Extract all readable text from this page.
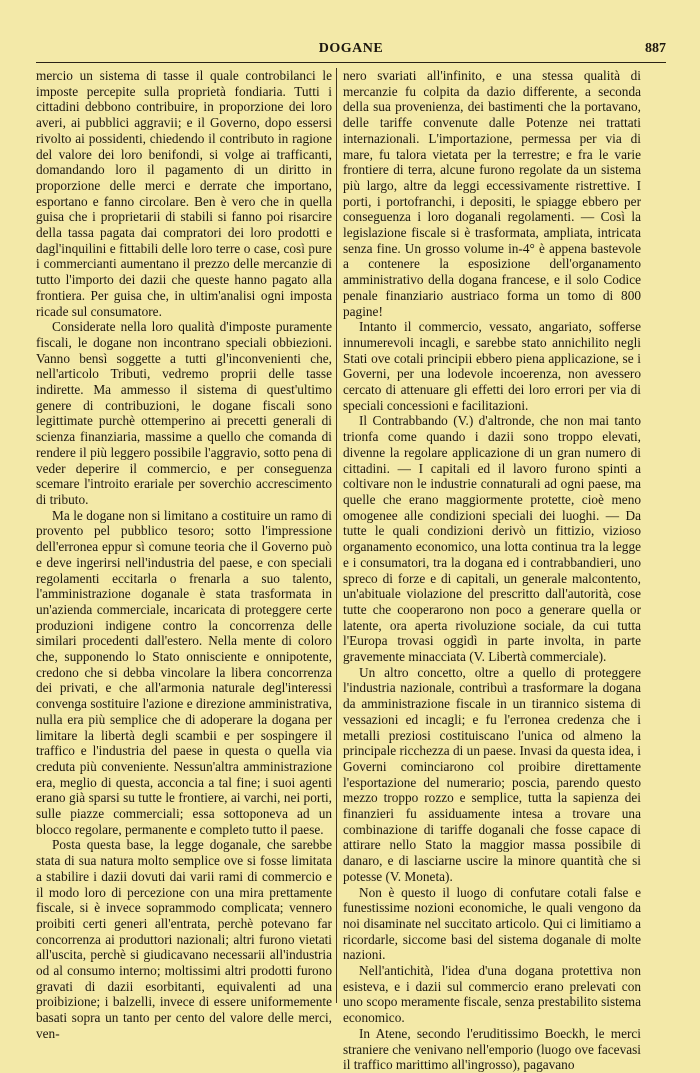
DOGANE	887

mercio un sistema di tasse il quale controbilanci le imposte percepite sulla proprietà fondiaria. Tutti i cittadini debbono contribuire, in proporzione dei loro averi, ai pubblici aggravii; e il Governo, dopo essersi rivolto ai possidenti, chiedendo il contributo in ragione del valore dei loro benifondi, si volge ai trafficanti, domandando loro il pagamento di un diritto in proporzione delle merci e derrate che importano, esportano e fanno circolare. Ben è vero che in quella guisa che i proprietarii di stabili si fanno poi risarcire della tassa pagata dai compratori dei loro prodotti e dagl'inquilini e fittabili delle loro terre o case, così pure i commercianti aumentano il prezzo delle mercanzie di tutto l'importo dei dazii che queste hanno pagato alla frontiera. Per guisa che, in ultim'analisi ogni imposta ricade sul consumatore.

Considerate nella loro qualità d'imposte puramente fiscali, le dogane non incontrano speciali obbiezioni. Vanno bensì soggette a tutti gl'inconvenienti che, nell'articolo Tributi, vedremo proprii delle tasse indirette. Ma ammesso il sistema di quest'ultimo genere di contribuzioni, le dogane fiscali sono legittimate purchè ottemperino ai precetti generali di scienza finanziaria, massime a quello che comanda di rendere il più leggero possibile l'aggravio, sotto pena di veder deperire il commercio, e per conseguenza scemare l'introito erariale per soverchio accrescimento di tributo.

Ma le dogane non si limitano a costituire un ramo di provento pel pubblico tesoro; sotto l'impressione dell'erronea eppur sì comune teoria che il Governo può e deve ingerirsi nell'industria del paese, e con speciali regolamenti eccitarla o frenarla a suo talento, l'amministrazione doganale è stata trasformata in un'azienda commerciale, incaricata di proteggere certe produzioni indigene contro la concorrenza delle similari procedenti dall'estero. Nella mente di coloro che, supponendo lo Stato onnisciente e onnipotente, credono che si debba vincolare la libera concorrenza dei privati, e che all'armonia naturale degl'interessi convenga sostituire l'azione e direzione amministrativa, nulla era più semplice che di adoperare la dogana per limitare la libertà degli scambii e per sospingere il traffico e l'industria del paese in questa o quella via creduta più conveniente. Nessun'altra amministrazione era, meglio di questa, acconcia a tal fine; i suoi agenti erano già sparsi su tutte le frontiere, ai varchi, nei porti, sulle piazze commerciali; essa sottoponeva ad un blocco regolare, permanente e completo tutto il paese.

Posta questa base, la legge doganale, che sarebbe stata di sua natura molto semplice ove si fosse limitata a stabilire i dazii dovuti dai varii rami di commercio e il modo loro di percezione con una mira prettamente fiscale, si è invece soprammodo complicata; vennero proibiti certi generi all'entrata, perchè potevano far concorrenza ai produttori nazionali; altri furono vietati all'uscita, perchè si giudicavano necessarii all'industria od al consumo interno; moltissimi altri prodotti furono gravati di dazii esorbitanti, equivalenti ad una proibizione; i balzelli, invece di essere uniformemente basati sopra un tanto per cento del valore delle merci, ven-

nero svariati all'infinito, e una stessa qualità di mercanzie fu colpita da dazio differente, a seconda della sua provenienza, dei bastimenti che la portavano, delle tariffe convenute dalle Potenze nei trattati internazionali. L'importazione, permessa per via di mare, fu talora vietata per la terrestre; e fra le varie frontiere di terra, alcune furono regolate da un sistema più largo, altre da leggi eccessivamente ristrettive. I porti, i portofranchi, i depositi, le spiagge ebbero per conseguenza i loro doganali regolamenti. — Così la legislazione fiscale si è trasformata, ampliata, intricata senza fine. Un grosso volume in-4° è appena bastevole a contenere la esposizione dell'organamento amministrativo della dogana francese, e il solo Codice penale finanziario austriaco forma un tomo di 800 pagine!

Intanto il commercio, vessato, angariato, sofferse innumerevoli incagli, e sarebbe stato annichilito negli Stati ove cotali principii ebbero piena applicazione, se i Governi, per una lodevole incoerenza, non avessero cercato di attenuare gli effetti dei loro errori per via di speciali concessioni e facilitazioni.

Il Contrabbando (V.) d'altronde, che non mai tanto trionfa come quando i dazii sono troppo elevati, divenne la regolare applicazione di un gran numero di cittadini. — I capitali ed il lavoro furono spinti a coltivare non le industrie connaturali ad ogni paese, ma quelle che erano maggiormente protette, cioè meno omogenee alle condizioni speciali dei luoghi. — Da tutte le quali condizioni derivò un fittizio, vizioso organamento economico, una lotta continua tra la legge e i consumatori, tra la dogana ed i contrabbandieri, uno spreco di forze e di capitali, un generale malcontento, un'abituale violazione del prescritto dall'autorità, cose tutte che cooperarono non poco a generare quella or latente, ora aperta rivoluzione sociale, da cui tutta l'Europa trovasi oggidì in parte involta, in parte gravemente minacciata (V. Libertà commerciale).

Un altro concetto, oltre a quello di proteggere l'industria nazionale, contribuì a trasformare la dogana da amministrazione fiscale in un tirannico sistema di vessazioni ed incagli; e fu l'erronea credenza che i metalli preziosi costituiscano l'unica od almeno la principale ricchezza di un paese. Invasi da questa idea, i Governi cominciarono col proibire direttamente l'esportazione del numerario; poscia, parendo questo mezzo troppo rozzo e semplice, tutta la sapienza dei finanzieri fu assiduamente intesa a trovare una combinazione di tariffe doganali che fosse capace di attirare nello Stato la maggior massa possibile di danaro, e di lasciarne uscire la minore quantità che si potesse (V. Moneta).

Non è questo il luogo di confutare cotali false e funestissime nozioni economiche, le quali vengono da noi disaminate nel succitato articolo. Qui ci limitiamo a ricordarle, siccome basi del sistema doganale di molte nazioni.

Nell'antichità, l'idea d'una dogana protettiva non esisteva, e i dazii sul commercio erano prelevati con uno scopo meramente fiscale, senza prestabilito sistema economico.

In Atene, secondo l'eruditissimo Boeckh, le merci straniere che venivano nell'emporio (luogo ove facevasi il traffico marittimo all'ingrosso), pagavano
